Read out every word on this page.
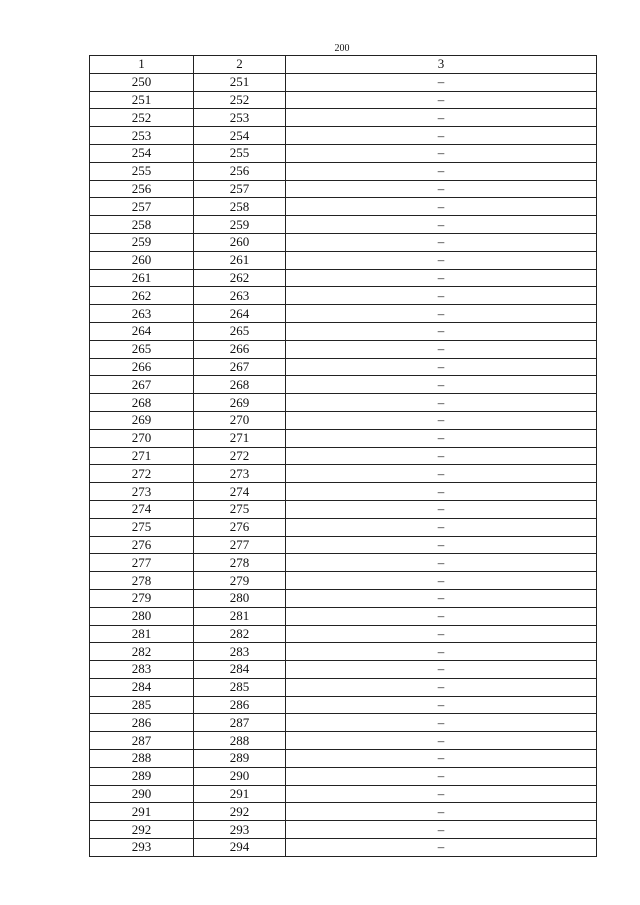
200
1	2	3
250	251	–
251	252	–
252	253	–
253	254	–
254	255	–
255	256	–
256	257	–
257	258	–
258	259	–
259	260	–
260	261	–
261	262	–
262	263	–
263	264	–
264	265	–
265	266	–
266	267	–
267	268	–
268	269	–
269	270	–
270	271	–
271	272	–
272	273	–
273	274	–
274	275	–
275	276	–
276	277	–
277	278	–
278	279	–
279	280	–
280	281	–
281	282	–
282	283	–
283	284	–
284	285	–
285	286	–
286	287	–
287	288	–
288	289	–
289	290	–
290	291	–
291	292	–
292	293	–
293	294	–
